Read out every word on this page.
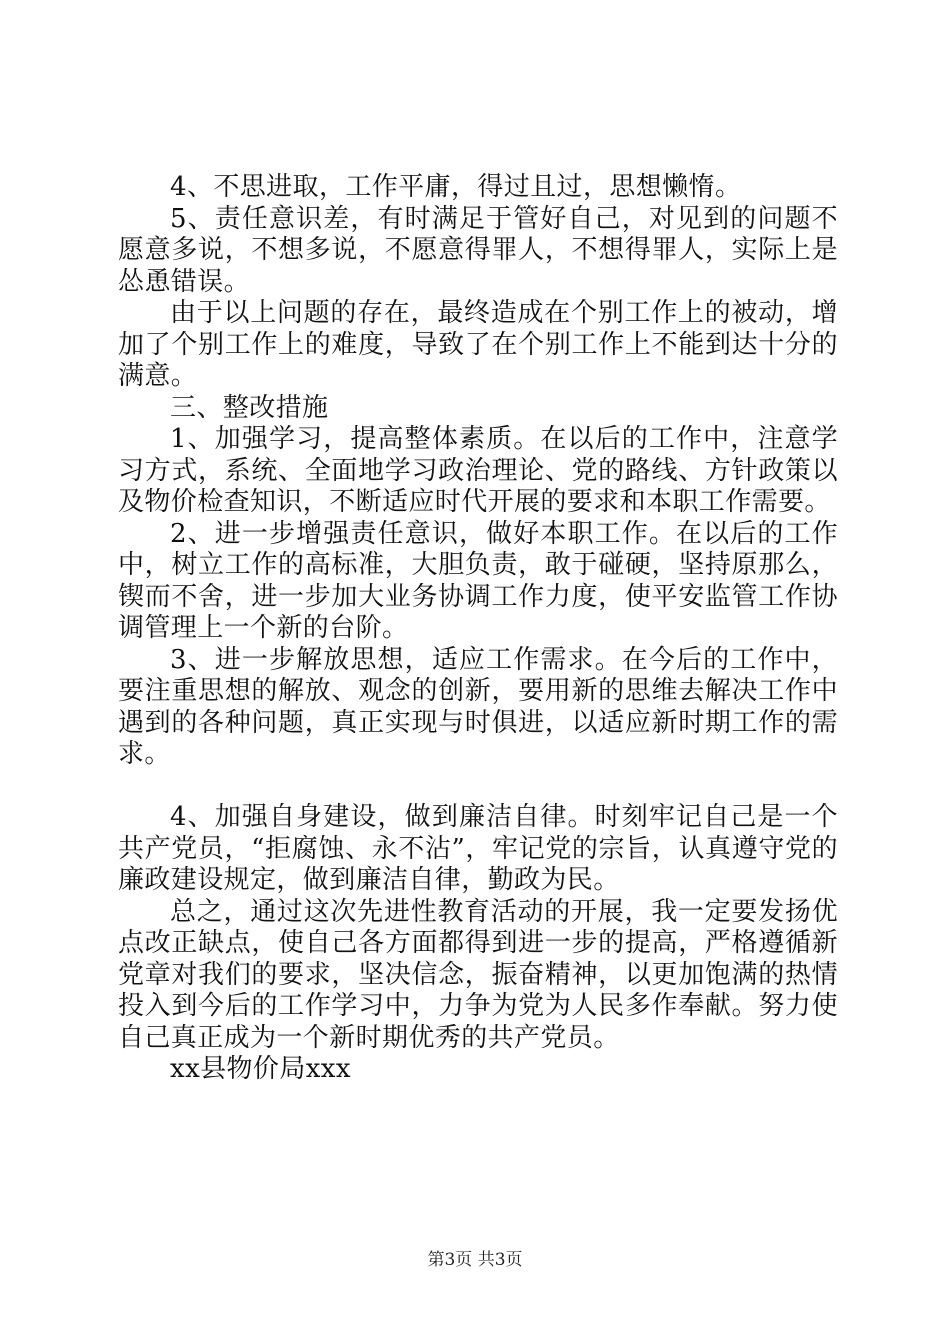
4、不思进取，工作平庸，得过且过，思想懒惰。

5、责任意识差，有时满足于管好自己，对见到的问题不愿意多说，不想多说，不愿意得罪人，不想得罪人，实际上是怂恿错误。

由于以上问题的存在，最终造成在个别工作上的被动，增加了个别工作上的难度，导致了在个别工作上不能到达十分的满意。

三、整改措施

1、加强学习，提高整体素质。在以后的工作中，注意学习方式，系统、全面地学习政治理论、党的路线、方针政策以及物价检查知识，不断适应时代开展的要求和本职工作需要。

2、进一步增强责任意识，做好本职工作。在以后的工作中，树立工作的高标准，大胆负责，敢于碰硬，坚持原那么，锲而不舍，进一步加大业务协调工作力度，使平安监管工作协调管理上一个新的台阶。

3、进一步解放思想，适应工作需求。在今后的工作中，要注重思想的解放、观念的创新，要用新的思维去解决工作中遇到的各种问题，真正实现与时俱进，以适应新时期工作的需求。

4、加强自身建设，做到廉洁自律。时刻牢记自己是一个共产党员，“拒腐蚀、永不沾”，牢记党的宗旨，认真遵守党的廉政建设规定，做到廉洁自律，勤政为民。

总之，通过这次先进性教育活动的开展，我一定要发扬优点改正缺点，使自己各方面都得到进一步的提高，严格遵循新党章对我们的要求，坚决信念，振奋精神，以更加饱满的热情投入到今后的工作学习中，力争为党为人民多作奉献。努力使自己真正成为一个新时期优秀的共产党员。

xx县物价局xxx

第3页 共3页
